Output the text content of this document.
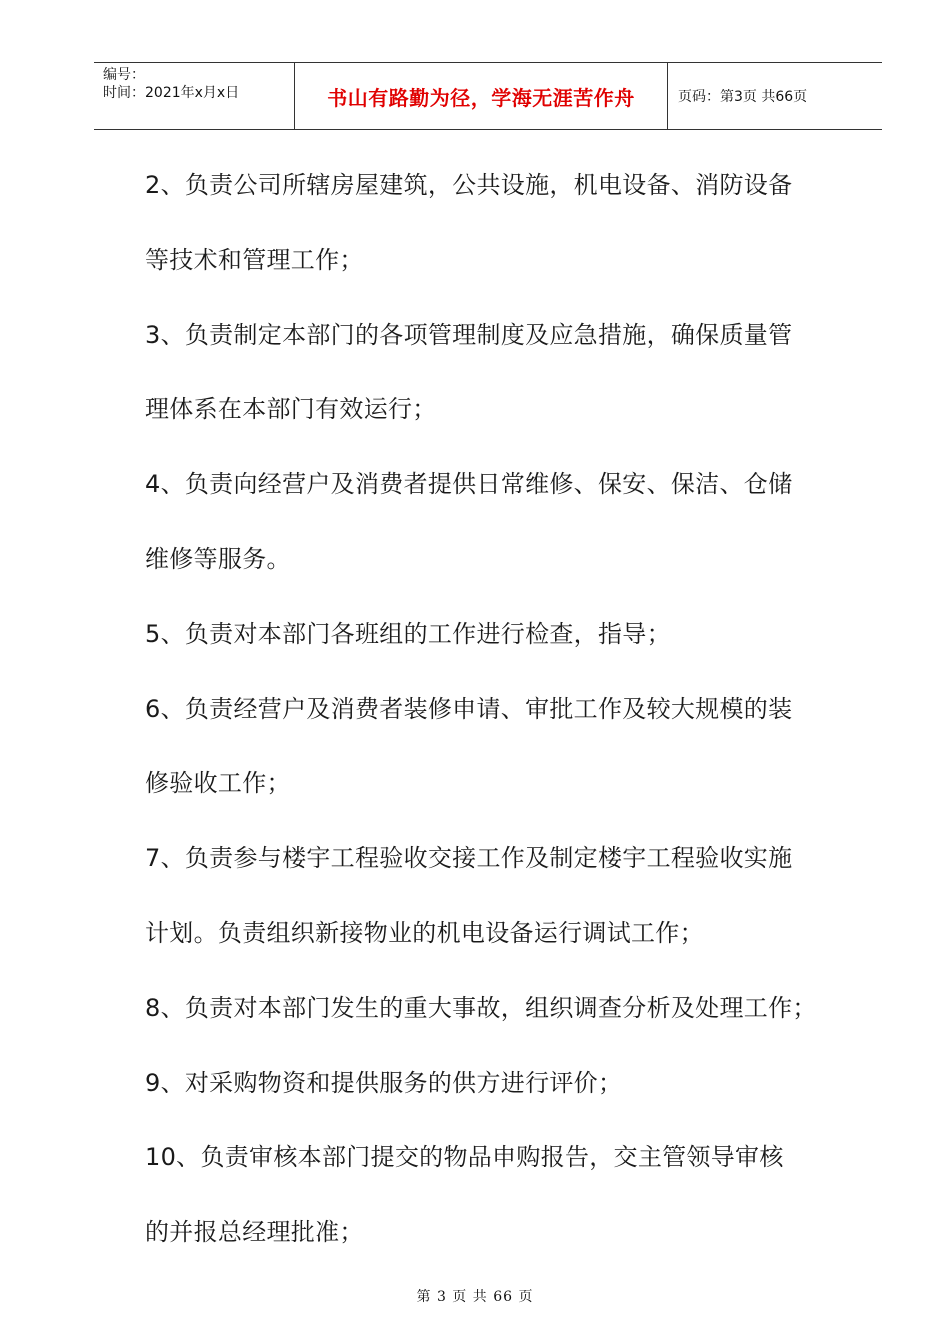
编号：
时间：2021年x月x日	书山有路勤为径，学海无涯苦作舟	页码：第3页 共66页
2、负责公司所辖房屋建筑，公共设施，机电设备、消防设备
等技术和管理工作；
3、负责制定本部门的各项管理制度及应急措施，确保质量管
理体系在本部门有效运行；
4、负责向经营户及消费者提供日常维修、保安、保洁、仓储
维修等服务。
5、负责对本部门各班组的工作进行检查，指导；
6、负责经营户及消费者装修申请、审批工作及较大规模的装
修验收工作；
7、负责参与楼宇工程验收交接工作及制定楼宇工程验收实施
计划。负责组织新接物业的机电设备运行调试工作；
8、负责对本部门发生的重大事故，组织调查分析及处理工作；
9、对采购物资和提供服务的供方进行评价；
10、负责审核本部门提交的物品申购报告，交主管领导审核
的并报总经理批准；
第 3 页 共 66 页
